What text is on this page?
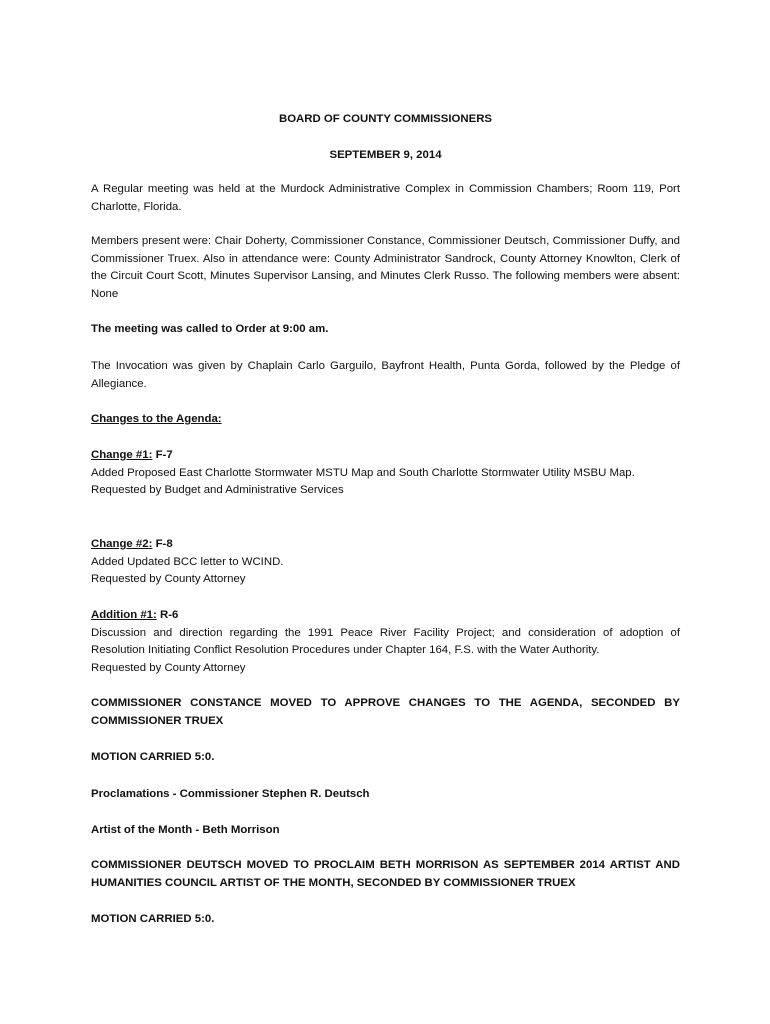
BOARD OF COUNTY COMMISSIONERS
SEPTEMBER 9, 2014
A Regular meeting was held at the Murdock Administrative Complex in Commission Chambers; Room 119, Port Charlotte, Florida.
Members present were: Chair Doherty, Commissioner Constance, Commissioner Deutsch, Commissioner Duffy, and Commissioner Truex. Also in attendance were: County Administrator Sandrock, County Attorney Knowlton, Clerk of the Circuit Court Scott, Minutes Supervisor Lansing, and Minutes Clerk Russo. The following members were absent: None
The meeting was called to Order at 9:00 am.
The Invocation was given by Chaplain Carlo Garguilo, Bayfront Health, Punta Gorda, followed by the Pledge of Allegiance.
Changes to the Agenda:
Change #1: F-7
Added Proposed East Charlotte Stormwater MSTU Map and South Charlotte Stormwater Utility MSBU Map.
Requested by Budget and Administrative Services
Change #2: F-8
Added Updated BCC letter to WCIND.
Requested by County Attorney
Addition #1: R-6
Discussion and direction regarding the 1991 Peace River Facility Project; and consideration of adoption of Resolution Initiating Conflict Resolution Procedures under Chapter 164, F.S. with the Water Authority.
Requested by County Attorney
COMMISSIONER CONSTANCE MOVED TO APPROVE CHANGES TO THE AGENDA, SECONDED BY COMMISSIONER TRUEX
MOTION CARRIED 5:0.
Proclamations - Commissioner Stephen R. Deutsch
Artist of the Month - Beth Morrison
COMMISSIONER DEUTSCH MOVED TO PROCLAIM BETH MORRISON AS SEPTEMBER 2014 ARTIST AND HUMANITIES COUNCIL ARTIST OF THE MONTH, SECONDED BY COMMISSIONER TRUEX
MOTION CARRIED 5:0.
